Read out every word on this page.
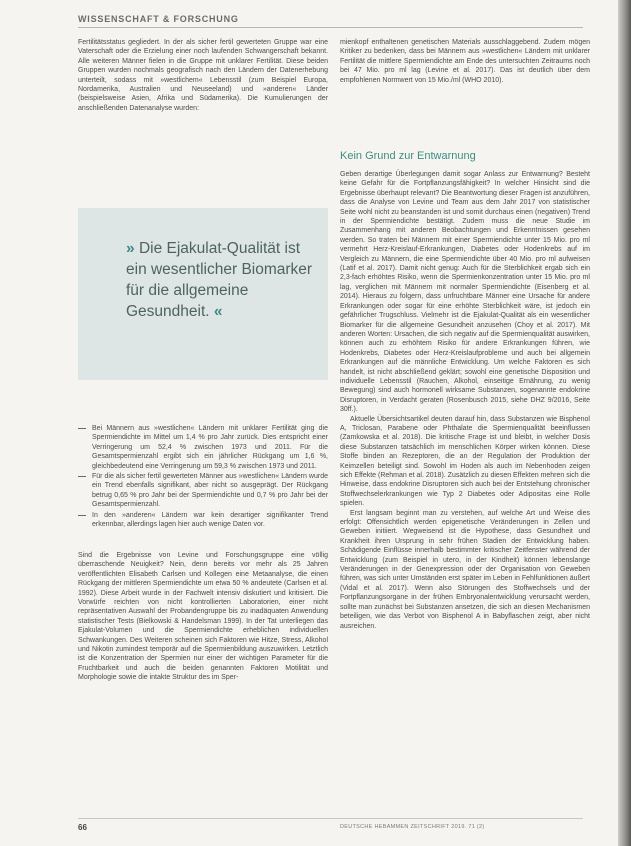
WISSENSCHAFT & FORSCHUNG

Fertilitätsstatus gegliedert. In der als sicher fertil gewerteten Gruppe war eine Vaterschaft oder die Erzielung einer noch laufenden Schwangerschaft bekannt. Alle weiteren Männer fielen in die Gruppe mit unklarer Fertilität. Diese beiden Gruppen wurden nochmals geografisch nach den Ländern der Datenerhebung unterteilt, sodass mit »westlichem« Lebensstil (zum Beispiel Europa, Nordamerika, Australien und Neuseeland) und »anderen« Länder (beispielsweise Asien, Afrika und Südamerika). Die Kumulierungen der anschließenden Datenanalyse wurden:

» Die Ejakulat-Qualität ist ein wesentlicher Biomarker für die allgemeine Gesundheit. «
Bei Männern aus »westlichen« Ländern mit unklarer Fertilität ging die Spermiendichte im Mittel um 1,4 % pro Jahr zurück. Dies entspricht einer Verringerung um 52,4 % zwischen 1973 und 2011. Für die Gesamtspermienzahl ergibt sich ein jährlicher Rückgang um 1,6 %, gleichbedeutend eine Verringerung um 59,3 % zwischen 1973 und 2011.
Für die als sicher fertil gewerteten Männer aus »westlichen« Ländern wurde ein Trend ebenfalls signifikant, aber nicht so ausgeprägt. Der Rückgang betrug 0,65 % pro Jahr bei der Spermiendichte und 0,7 % pro Jahr bei der Gesamtspermienzahl.
In den »anderen« Ländern war kein derartiger signifikanter Trend erkennbar, allerdings lagen hier auch wenige Daten vor.

Sind die Ergebnisse von Levine und Forschungsgruppe eine völlig überraschende Neuigkeit? Nein, denn bereits vor mehr als 25 Jahren veröffentlichten Elisabeth Carlsen und Kollegen eine Metaanalyse, die einen Rückgang der mittleren Spermiendichte um etwa 50 % andeutete (Carlsen et al. 1992). Diese Arbeit wurde in der Fachwelt intensiv diskutiert und kritisiert. Die Vorwürfe reichten von nicht kontrollierten Laboratorien, einer nicht repräsentativen Auswahl der Probandengruppe bis zu inadäquaten Anwendung statistischer Tests (Bielkowski & Handelsman 1999). In der Tat unterliegen das Ejakulat-Volumen und die Spermiendichte erheblichen individuellen Schwankungen. Des Weiteren scheinen sich Faktoren wie Hitze, Stress, Alkohol und Nikotin zumindest temporär auf die Spermienbildung auszuwirken. Letztlich ist die Konzentration der Spermien nur einer der wichtigen Parameter für die Fruchtbarkeit und auch die beiden genannten Faktoren Motilität und Morphologie sowie die intakte Struktur des im Sper-

mienkopf enthaltenen genetischen Materials ausschlaggebend. Zudem mögen Kritiker zu bedenken, dass bei Männern aus »westlichen« Ländern mit unklarer Fertilität die mittlere Spermiendichte am Ende des untersuchten Zeitraums noch bei 47 Mio. pro ml lag (Levine et al. 2017). Das ist deutlich über dem empfohlenen Normwert von 15 Mio./ml (WHO 2010).

Kein Grund zur Entwarnung

Geben derartige Überlegungen damit sogar Anlass zur Entwarnung? Besteht keine Gefahr für die Fortpflanzungsfähigkeit? In welcher Hinsicht sind die Ergebnisse überhaupt relevant? Die Beantwortung dieser Fragen ist anzuführen, dass die Analyse von Levine und Team aus dem Jahr 2017 von statistischer Seite wohl nicht zu beanstanden ist und somit durchaus einen (negativen) Trend in der Spermiendichte bestätigt. Zudem muss die neue Studie im Zusammenhang mit anderen Beobachtungen und Erkenntnissen gesehen werden. So traten bei Männern mit einer Spermiendichte unter 15 Mio. pro ml vermehrt Herz-Kreislauf-Erkrankungen, Diabetes oder Hodenkrebs auf im Vergleich zu Männern, die eine Spermiendichte über 40 Mio. pro ml aufweisen (Latif et al. 2017). Damit nicht genug: Auch für die Sterblichkeit ergab sich ein 2,3-fach erhöhtes Risiko, wenn die Spermienkonzentration unter 15 Mio. pro ml lag, verglichen mit Männern mit normaler Spermiendichte (Eisenberg et al. 2014). Hieraus zu folgern, dass unfruchtbare Männer eine Ursache für andere Erkrankungen oder sogar für eine erhöhte Sterblichkeit wäre, ist jedoch ein gefährlicher Trugschluss. Vielmehr ist die Ejakulat-Qualität als ein wesentlicher Biomarker für die allgemeine Gesundheit anzusehen (Choy et al. 2017). Mit anderen Worten: Ursachen, die sich negativ auf die Spermienqualität auswirken, können auch zu erhöhtem Risiko für andere Erkrankungen führen, wie Hodenkrebs, Diabetes oder Herz-Kreislaufprobleme und auch bei allgemein Erkrankungen auf die männliche Entwicklung. Um welche Faktoren es sich handelt, ist nicht abschließend geklärt; sowohl eine genetische Disposition und individuelle Lebensstil (Rauchen, Alkohol, einseitige Ernährung, zu wenig Bewegung) sind auch hormonell wirksame Substanzen, sogenannte endokrine Disruptoren, in Verdacht geraten (Rosenbusch 2015, siehe DHZ 9/2016, Seite 30ff.).

Aktuelle Übersichtsartikel deuten darauf hin, dass Substanzen wie Bisphenol A, Triclosan, Parabene oder Phthalate die Spermienqualität beeinflussen (Zamkowska et al. 2018). Die kritische Frage ist und bleibt, in welcher Dosis diese Substanzen tatsächlich im menschlichen Körper wirken können. Diese Stoffe binden an Rezeptoren, die an der Regulation der Produktion der Keimzellen beteiligt sind. Sowohl im Hoden als auch im Nebenhoden zeigen sich Effekte (Rehman et al. 2018). Zusätzlich zu diesen Effekten mehren sich die Hinweise, dass endokrine Disruptoren sich auch bei der Entstehung chronischer Stoffwechselerkrankungen wie Typ 2 Diabetes oder Adipositas eine Rolle spielen.

Erst langsam beginnt man zu verstehen, auf welche Art und Weise dies erfolgt: Offensichtlich werden epigenetische Veränderungen in Zellen und Geweben initiiert. Wegweisend ist die Hypothese, dass Gesundheit und Krankheit ihren Ursprung in sehr frühen Stadien der Entwicklung haben. Schädigende Einflüsse innerhalb bestimmter kritischer Zeitfenster während der Entwicklung (zum Beispiel in utero, in der Kindheit) können lebenslange Veränderungen in der Genexpression oder der Organisation von Geweben führen, was sich unter Umständen erst später im Leben in Fehlfunktionen äußert (Vidal et al. 2017). Wenn also Störungen des Stoffwechsels und der Fortpflanzungsorgane in der frühen Embryonalentwicklung verursacht werden, sollte man zunächst bei Substanzen ansetzen, die sich an diesen Mechanismen beteiligen, wie das Verbot von Bisphenol A in Babyflaschen zeigt, aber nicht ausreichen.

66	DEUTSCHE HEBAMMEN ZEITSCHRIFT 2019. 71 (2)
